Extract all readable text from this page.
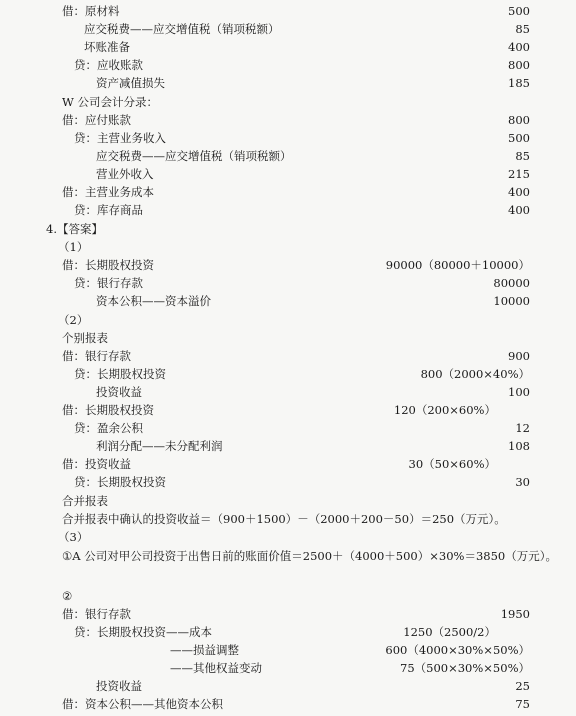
借：原材料	500
应交税费——应交增值税（销项税额）	85
坏账准备	400
贷：应收账款	800
资产减值损失	185
W 公司会计分录：
借：应付账款	800
贷：主营业务收入	500
应交税费——应交增值税（销项税额）	85
营业外收入	215
借：主营业务成本	400
贷：库存商品	400
4.【答案】
（1）
借：长期股权投资	90000（80000＋10000）
贷：银行存款	80000
资本公积——资本溢价	10000
（2）
个别报表
借：银行存款	900
贷：长期股权投资	800（2000×40%）
投资收益	100
借：长期股权投资	120（200×60%）
贷：盈余公积	12
利润分配——未分配利润	108
借：投资收益	30（50×60%）
贷：长期股权投资	30
合并报表
合并报表中确认的投资收益＝（900＋1500）－（2000＋200－50）＝250（万元）。
（3）
①A 公司对甲公司投资于出售日前的账面价值＝2500＋（4000＋500）×30%＝3850（万元）。
②
借：银行存款	1950
贷：长期股权投资——成本	1250（2500/2）
——损益调整	600（4000×30%×50%）
——其他权益变动	75（500×30%×50%）
投资收益	25
借：资本公积——其他资本公积	75
